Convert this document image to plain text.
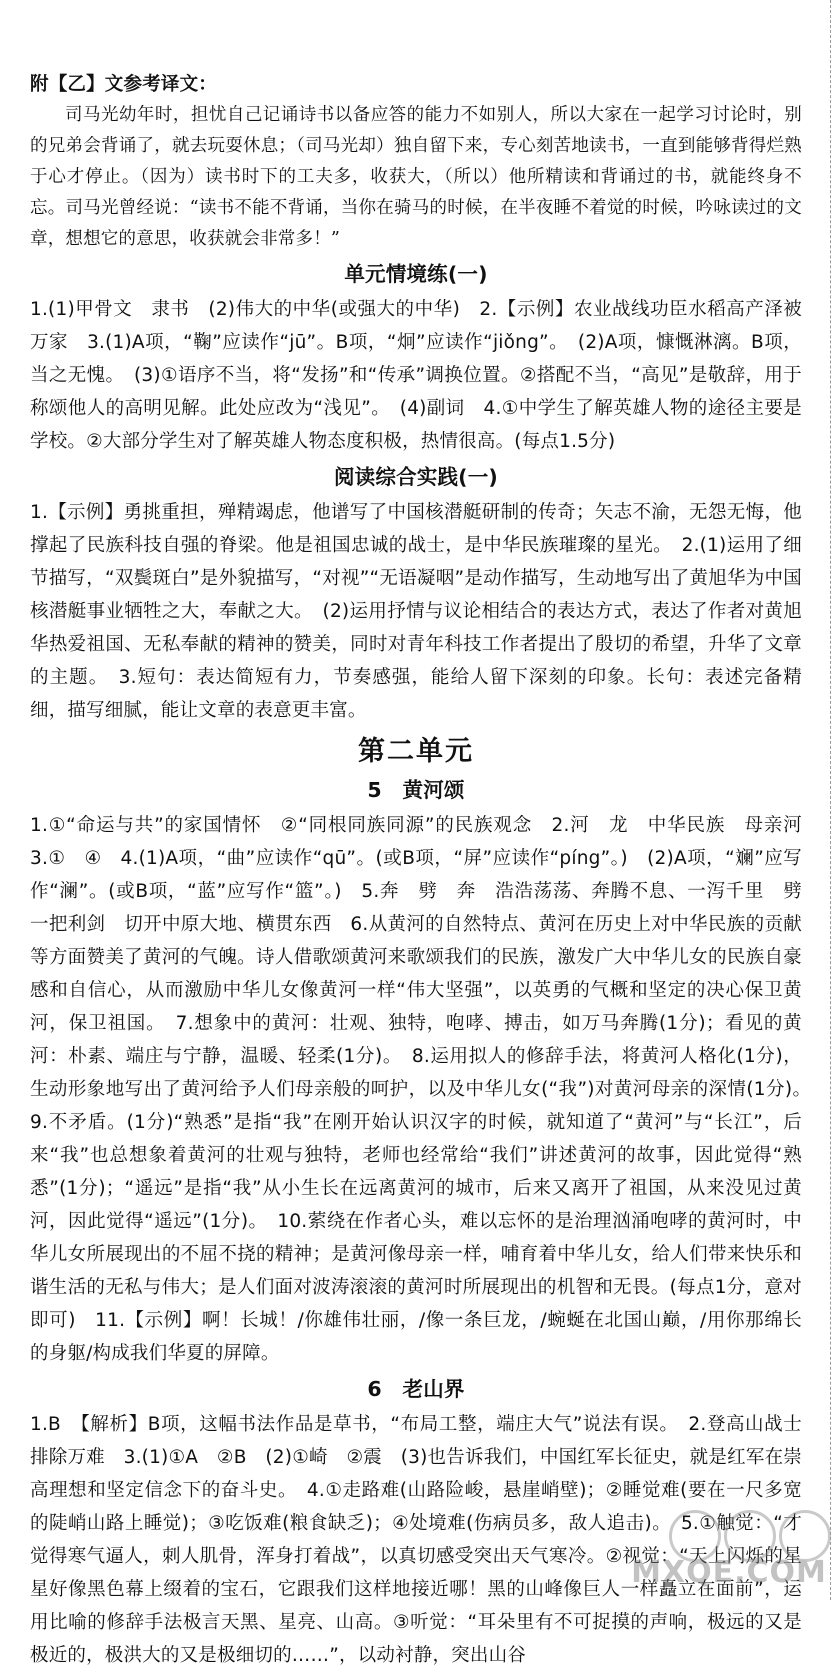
附【乙】文参考译文：

司马光幼年时，担忧自己记诵诗书以备应答的能力不如别人，所以大家在一起学习讨论时，别的兄弟会背诵了，就去玩耍休息；（司马光却）独自留下来，专心刻苦地读书，一直到能够背得烂熟于心才停止。（因为）读书时下的工夫多，收获大，（所以）他所精读和背诵过的书，就能终身不忘。司马光曾经说：“读书不能不背诵，当你在骑马的时候，在半夜睡不着觉的时候，吟咏读过的文章，想想它的意思，收获就会非常多！”

单元情境练(一)

1.(1)甲骨文　隶书　(2)伟大的中华(或强大的中华)　2.【示例】农业战线功臣水稻高产泽被万家　3.(1)A项，“鞠”应读作“jū”。B项，“炯”应读作“jiǒng”。　(2)A项，慷慨淋漓。B项，当之无愧。　(3)①语序不当，将“发扬”和“传承”调换位置。②搭配不当，“高见”是敬辞，用于称颂他人的高明见解。此处应改为“浅见”。　(4)副词　4.①中学生了解英雄人物的途径主要是学校。②大部分学生对了解英雄人物态度积极，热情很高。(每点1.5分)

阅读综合实践(一)

1.【示例】勇挑重担，殚精竭虑，他谱写了中国核潜艇研制的传奇；矢志不渝，无怨无悔，他撑起了民族科技自强的脊梁。他是祖国忠诚的战士，是中华民族璀璨的星光。　2.(1)运用了细节描写，“双鬓斑白”是外貌描写，“对视”“无语凝咽”是动作描写，生动地写出了黄旭华为中国核潜艇事业牺牲之大，奉献之大。　(2)运用抒情与议论相结合的表达方式，表达了作者对黄旭华热爱祖国、无私奉献的精神的赞美，同时对青年科技工作者提出了殷切的希望，升华了文章的主题。　3.短句：表达简短有力，节奏感强，能给人留下深刻的印象。长句：表述完备精细，描写细腻，能让文章的表意更丰富。

第二单元
5　黄河颂

1.①“命运与共”的家国情怀　②“同根同族同源”的民族观念　2.河　龙　中华民族　母亲河　3.①　④　4.(1)A项，“曲”应读作“qū”。(或B项，“屏”应读作“píng”。)　(2)A项，“斓”应写作“澜”。(或B项，“蓝”应写作“篮”。)　5.奔　劈　奔　浩浩荡荡、奔腾不息、一泻千里　劈　一把利剑　切开中原大地、横贯东西　6.从黄河的自然特点、黄河在历史上对中华民族的贡献等方面赞美了黄河的气魄。诗人借歌颂黄河来歌颂我们的民族，激发广大中华儿女的民族自豪感和自信心，从而激励中华儿女像黄河一样“伟大坚强”，以英勇的气概和坚定的决心保卫黄河，保卫祖国。　7.想象中的黄河：壮观、独特，咆哮、搏击，如万马奔腾(1分)；看见的黄河：朴素、端庄与宁静，温暖、轻柔(1分)。　8.运用拟人的修辞手法，将黄河人格化(1分)，生动形象地写出了黄河给予人们母亲般的呵护，以及中华儿女(“我”)对黄河母亲的深情(1分)。　9.不矛盾。(1分)“熟悉”是指“我”在刚开始认识汉字的时候，就知道了“黄河”与“长江”，后来“我”也总想象着黄河的壮观与独特，老师也经常给“我们”讲述黄河的故事，因此觉得“熟悉”(1分)；“遥远”是指“我”从小生长在远离黄河的城市，后来又离开了祖国，从来没见过黄河，因此觉得“遥远”(1分)。　10.萦绕在作者心头，难以忘怀的是治理汹涌咆哮的黄河时，中华儿女所展现出的不屈不挠的精神；是黄河像母亲一样，哺育着中华儿女，给人们带来快乐和谐生活的无私与伟大；是人们面对波涛滚滚的黄河时所展现出的机智和无畏。(每点1分，意对即可)　11.【示例】啊！长城！/你雄伟壮丽，/像一条巨龙，/蜿蜒在北国山巅，/用你那绵长的身躯/构成我们华夏的屏障。

6　老山界

1.B　【解析】B项，这幅书法作品是草书，“布局工整，端庄大气”说法有误。　2.登高山战士排除万难　3.(1)①A　②B　(2)①崎　②震　(3)也告诉我们，中国红军长征史，就是红军在崇高理想和坚定信念下的奋斗史。　4.①走路难(山路险峻，悬崖峭壁)；②睡觉难(要在一尺多宽的陡峭山路上睡觉)；③吃饭难(粮食缺乏)；④处境难(伤病员多，敌人追击)。　5.①触觉：“才觉得寒气逼人，刺人肌骨，浑身打着战”，以真切感受突出天气寒冷。②视觉：“天上闪烁的星星好像黑色幕上缀着的宝石，它跟我们这样地接近哪！黑的山峰像巨人一样矗立在面前”，运用比喻的修辞手法极言天黑、星亮、山高。③听觉：“耳朵里有不可捉摸的声响，极远的又是极近的，极洪大的又是极细切的……”，以动衬静，突出山谷

MXQE.COM
